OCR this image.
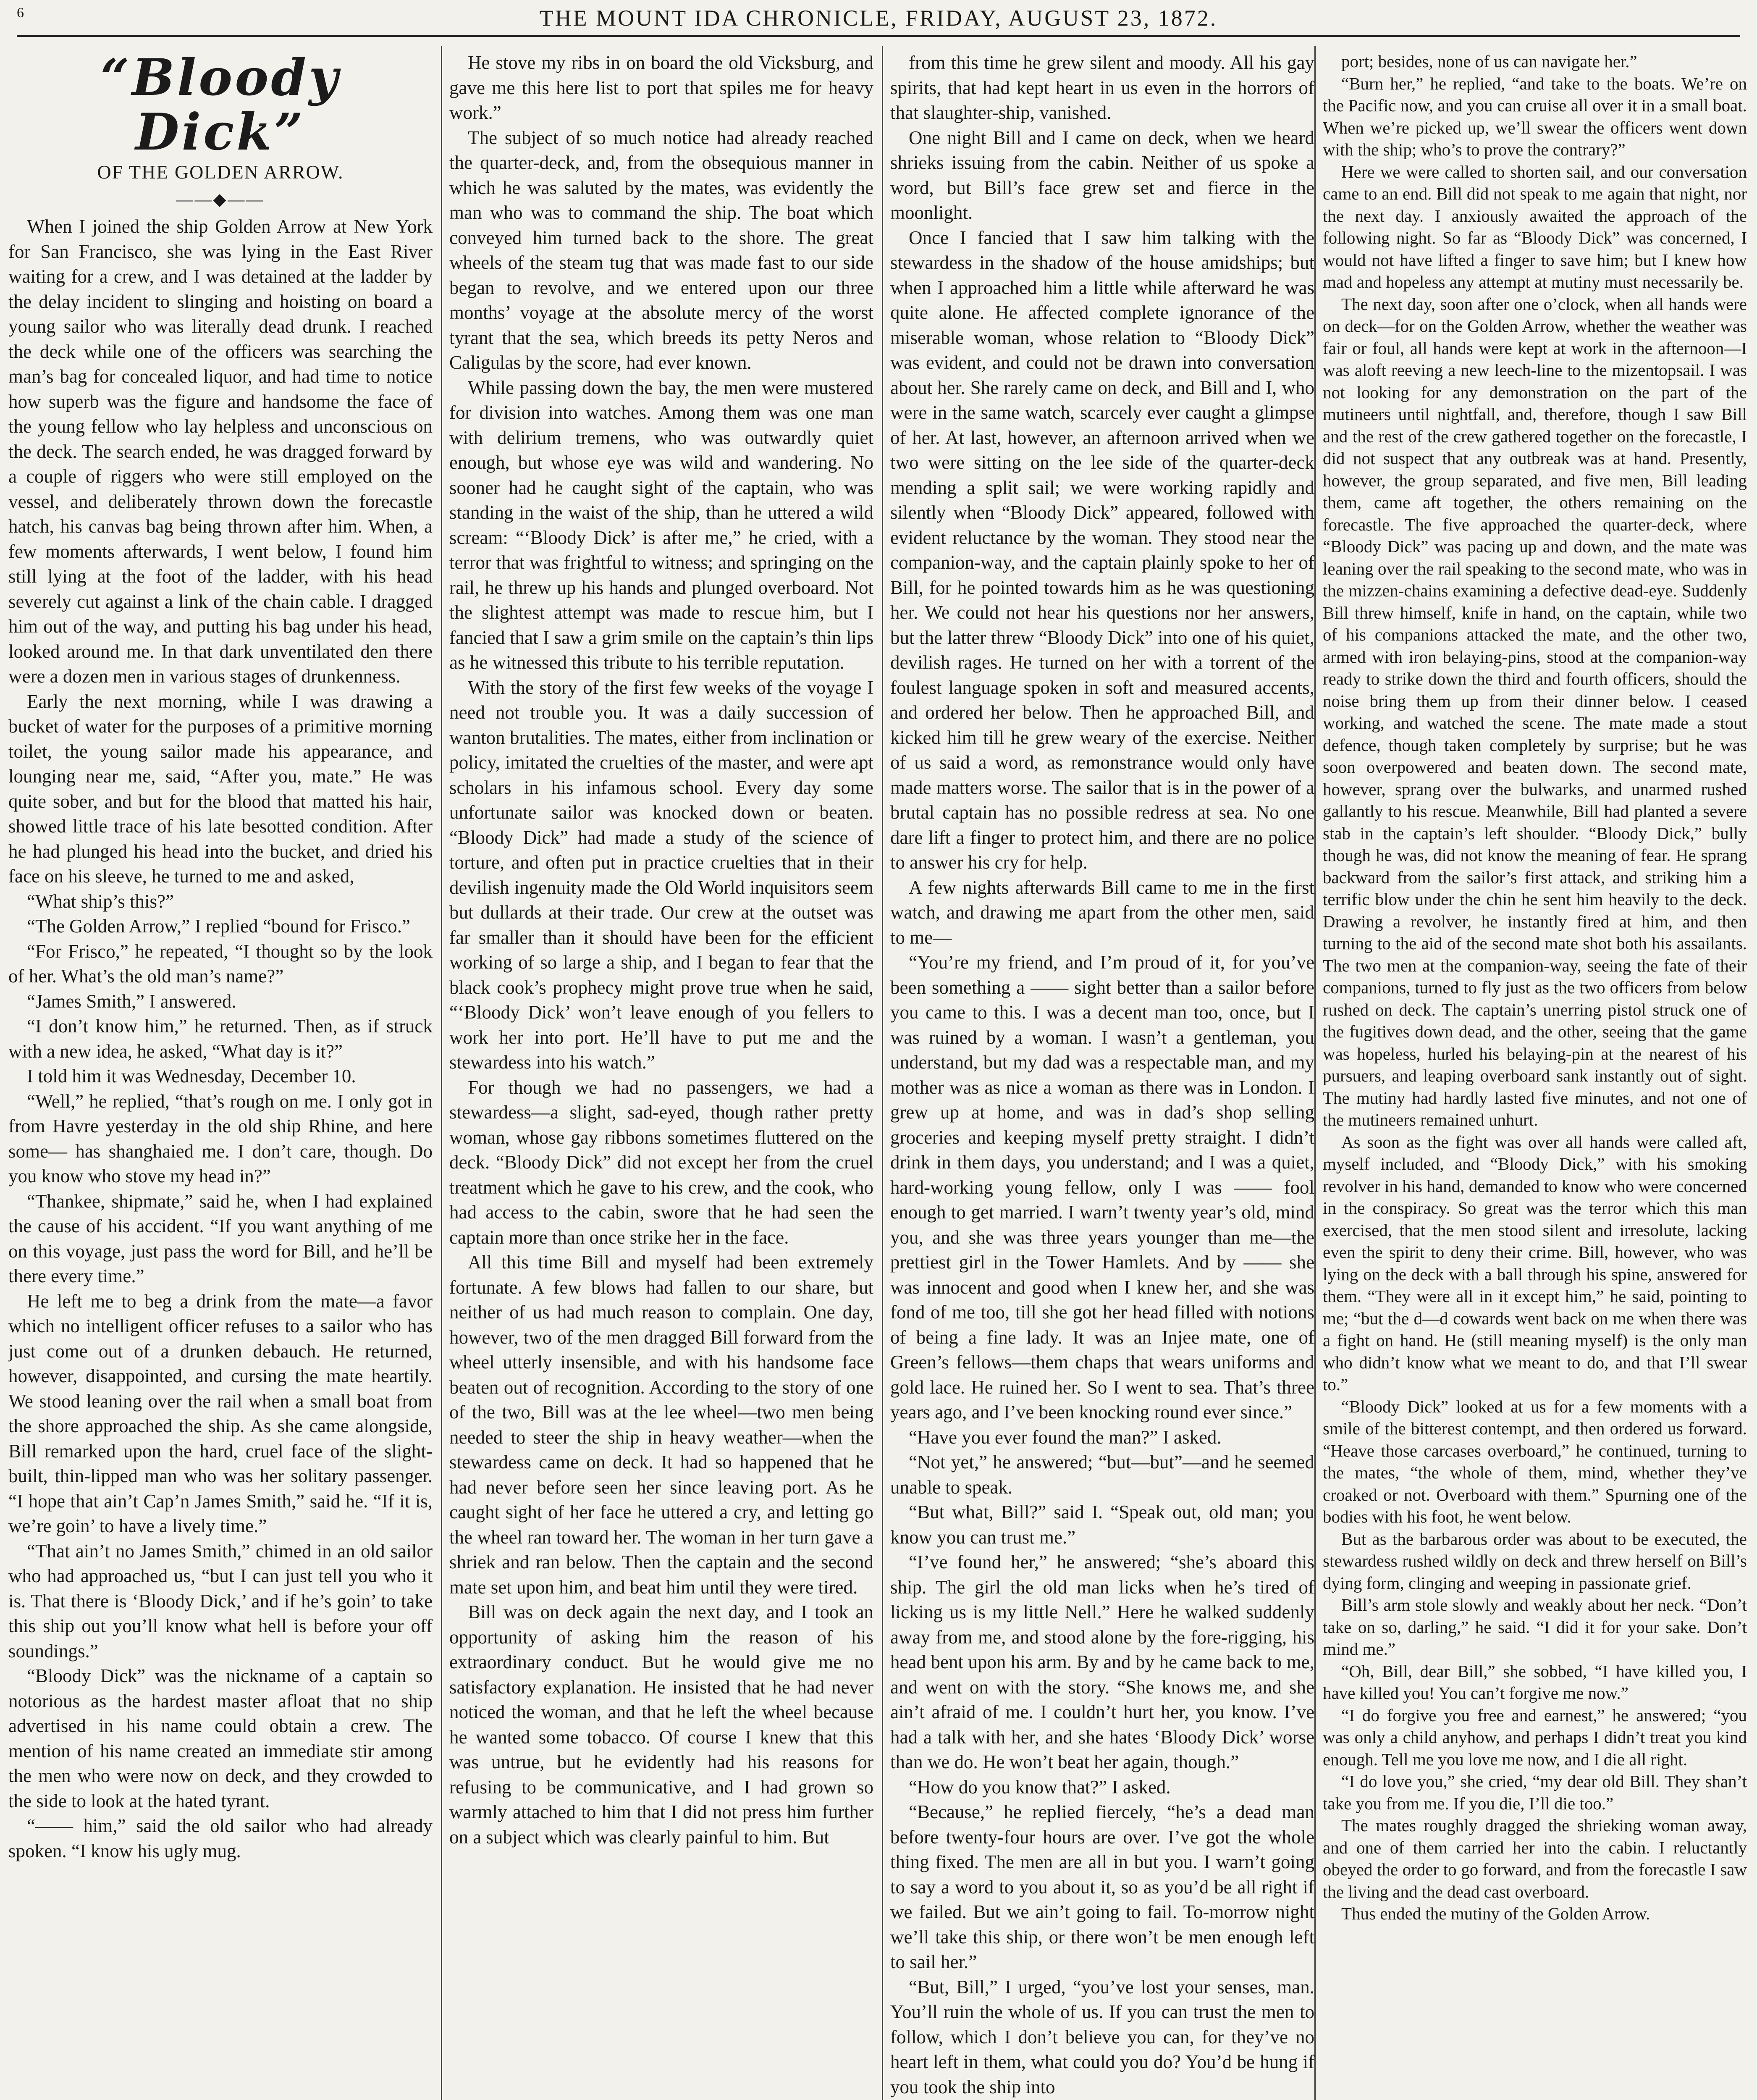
6	THE MOUNT IDA CHRONICLE, FRIDAY, AUGUST 23, 1872.
“Bloody Dick”
OF THE GOLDEN ARROW.
——◆——

When I joined the ship Golden Arrow at New York for San Francisco, she was lying in the East River waiting for a crew, and I was detained at the ladder by the delay incident to slinging and hoisting on board a young sailor who was literally dead drunk. I reached the deck while one of the officers was searching the man’s bag for concealed liquor, and had time to notice how superb was the figure and handsome the face of the young fellow who lay helpless and unconscious on the deck. The search ended, he was dragged forward by a couple of riggers who were still employed on the vessel, and deliberately thrown down the forecastle hatch, his canvas bag being thrown after him. When, a few moments afterwards, I went below, I found him still lying at the foot of the ladder, with his head severely cut against a link of the chain cable. I dragged him out of the way, and putting his bag under his head, looked around me. In that dark unventilated den there were a dozen men in various stages of drunkenness.

Early the next morning, while I was drawing a bucket of water for the purposes of a primitive morning toilet, the young sailor made his appearance, and lounging near me, said, “After you, mate.” He was quite sober, and but for the blood that matted his hair, showed little trace of his late besotted condition. After he had plunged his head into the bucket, and dried his face on his sleeve, he turned to me and asked,

“What ship’s this?”

“The Golden Arrow,” I replied “bound for Frisco.”

“For Frisco,” he repeated, “I thought so by the look of her. What’s the old man’s name?”

“James Smith,” I answered.

“I don’t know him,” he returned. Then, as if struck with a new idea, he asked, “What day is it?”

I told him it was Wednesday, December 10.

“Well,” he replied, “that’s rough on me. I only got in from Havre yesterday in the old ship Rhine, and here some— has shanghaied me. I don’t care, though. Do you know who stove my head in?”

“Thankee, shipmate,” said he, when I had explained the cause of his accident. “If you want anything of me on this voyage, just pass the word for Bill, and he’ll be there every time.”

He left me to beg a drink from the mate—a favor which no intelligent officer refuses to a sailor who has just come out of a drunken debauch. He returned, however, disappointed, and cursing the mate heartily. We stood leaning over the rail when a small boat from the shore approached the ship. As she came alongside, Bill remarked upon the hard, cruel face of the slight-built, thin-lipped man who was her solitary passenger. “I hope that ain’t Cap’n James Smith,” said he. “If it is, we’re goin’ to have a lively time.”

“That ain’t no James Smith,” chimed in an old sailor who had approached us, “but I can just tell you who it is. That there is ‘Bloody Dick,’ and if he’s goin’ to take this ship out you’ll know what hell is before your off soundings.”

“Bloody Dick” was the nickname of a captain so notorious as the hardest master afloat that no ship advertised in his name could obtain a crew. The mention of his name created an immediate stir among the men who were now on deck, and they crowded to the side to look at the hated tyrant.

“—— him,” said the old sailor who had already spoken. “I know his ugly mug.

He stove my ribs in on board the old Vicksburg, and gave me this here list to port that spiles me for heavy work.”

The subject of so much notice had already reached the quarter-deck, and, from the obsequious manner in which he was saluted by the mates, was evidently the man who was to command the ship. The boat which conveyed him turned back to the shore. The great wheels of the steam tug that was made fast to our side began to revolve, and we entered upon our three months’ voyage at the absolute mercy of the worst tyrant that the sea, which breeds its petty Neros and Caligulas by the score, had ever known.

While passing down the bay, the men were mustered for division into watches. Among them was one man with delirium tremens, who was outwardly quiet enough, but whose eye was wild and wandering. No sooner had he caught sight of the captain, who was standing in the waist of the ship, than he uttered a wild scream: “‘Bloody Dick’ is after me,” he cried, with a terror that was frightful to witness; and springing on the rail, he threw up his hands and plunged overboard. Not the slightest attempt was made to rescue him, but I fancied that I saw a grim smile on the captain’s thin lips as he witnessed this tribute to his terrible reputation.

With the story of the first few weeks of the voyage I need not trouble you. It was a daily succession of wanton brutalities. The mates, either from inclination or policy, imitated the cruelties of the master, and were apt scholars in his infamous school. Every day some unfortunate sailor was knocked down or beaten. “Bloody Dick” had made a study of the science of torture, and often put in practice cruelties that in their devilish ingenuity made the Old World inquisitors seem but dullards at their trade. Our crew at the outset was far smaller than it should have been for the efficient working of so large a ship, and I began to fear that the black cook’s prophecy might prove true when he said, “‘Bloody Dick’ won’t leave enough of you fellers to work her into port. He’ll have to put me and the stewardess into his watch.”

For though we had no passengers, we had a stewardess—a slight, sad-eyed, though rather pretty woman, whose gay ribbons sometimes fluttered on the deck. “Bloody Dick” did not except her from the cruel treatment which he gave to his crew, and the cook, who had access to the cabin, swore that he had seen the captain more than once strike her in the face.

All this time Bill and myself had been extremely fortunate. A few blows had fallen to our share, but neither of us had much reason to complain. One day, however, two of the men dragged Bill forward from the wheel utterly insensible, and with his handsome face beaten out of recognition. According to the story of one of the two, Bill was at the lee wheel—two men being needed to steer the ship in heavy weather—when the stewardess came on deck. It had so happened that he had never before seen her since leaving port. As he caught sight of her face he uttered a cry, and letting go the wheel ran toward her. The woman in her turn gave a shriek and ran below. Then the captain and the second mate set upon him, and beat him until they were tired.

Bill was on deck again the next day, and I took an opportunity of asking him the reason of his extraordinary conduct. But he would give me no satisfactory explanation. He insisted that he had never noticed the woman, and that he left the wheel because he wanted some tobacco. Of course I knew that this was untrue, but he evidently had his reasons for refusing to be communicative, and I had grown so warmly attached to him that I did not press him further on a subject which was clearly painful to him. But

from this time he grew silent and moody. All his gay spirits, that had kept heart in us even in the horrors of that slaughter-ship, vanished.

One night Bill and I came on deck, when we heard shrieks issuing from the cabin. Neither of us spoke a word, but Bill’s face grew set and fierce in the moonlight.

Once I fancied that I saw him talking with the stewardess in the shadow of the house amidships; but when I approached him a little while afterward he was quite alone. He affected complete ignorance of the miserable woman, whose relation to “Bloody Dick” was evident, and could not be drawn into conversation about her. She rarely came on deck, and Bill and I, who were in the same watch, scarcely ever caught a glimpse of her. At last, however, an afternoon arrived when we two were sitting on the lee side of the quarter-deck mending a split sail; we were working rapidly and silently when “Bloody Dick” appeared, followed with evident reluctance by the woman. They stood near the companion-way, and the captain plainly spoke to her of Bill, for he pointed towards him as he was questioning her. We could not hear his questions nor her answers, but the latter threw “Bloody Dick” into one of his quiet, devilish rages. He turned on her with a torrent of the foulest language spoken in soft and measured accents, and ordered her below. Then he approached Bill, and kicked him till he grew weary of the exercise. Neither of us said a word, as remonstrance would only have made matters worse. The sailor that is in the power of a brutal captain has no possible redress at sea. No one dare lift a finger to protect him, and there are no police to answer his cry for help.

A few nights afterwards Bill came to me in the first watch, and drawing me apart from the other men, said to me—

“You’re my friend, and I’m proud of it, for you’ve been something a —— sight better than a sailor before you came to this. I was a decent man too, once, but I was ruined by a woman. I wasn’t a gentleman, you understand, but my dad was a respectable man, and my mother was as nice a woman as there was in London. I grew up at home, and was in dad’s shop selling groceries and keeping myself pretty straight. I didn’t drink in them days, you understand; and I was a quiet, hard-working young fellow, only I was —— fool enough to get married. I warn’t twenty year’s old, mind you, and she was three years younger than me—the prettiest girl in the Tower Hamlets. And by —— she was innocent and good when I knew her, and she was fond of me too, till she got her head filled with notions of being a fine lady. It was an Injee mate, one of Green’s fellows—them chaps that wears uniforms and gold lace. He ruined her. So I went to sea. That’s three years ago, and I’ve been knocking round ever since.”

“Have you ever found the man?” I asked.

“Not yet,” he answered; “but—but”—and he seemed unable to speak.

“But what, Bill?” said I. “Speak out, old man; you know you can trust me.”

“I’ve found her,” he answered; “she’s aboard this ship. The girl the old man licks when he’s tired of licking us is my little Nell.” Here he walked suddenly away from me, and stood alone by the fore-rigging, his head bent upon his arm. By and by he came back to me, and went on with the story. “She knows me, and she ain’t afraid of me. I couldn’t hurt her, you know. I’ve had a talk with her, and she hates ‘Bloody Dick’ worse than we do. He won’t beat her again, though.”

“How do you know that?” I asked.

“Because,” he replied fiercely, “he’s a dead man before twenty-four hours are over. I’ve got the whole thing fixed. The men are all in but you. I warn’t going to say a word to you about it, so as you’d be all right if we failed. But we ain’t going to fail. To-morrow night we’ll take this ship, or there won’t be men enough left to sail her.”

“But, Bill,” I urged, “you’ve lost your senses, man. You’ll ruin the whole of us. If you can trust the men to follow, which I don’t believe you can, for they’ve no heart left in them, what could you do? You’d be hung if you took the ship into

port; besides, none of us can navigate her.”

“Burn her,” he replied, “and take to the boats. We’re on the Pacific now, and you can cruise all over it in a small boat. When we’re picked up, we’ll swear the officers went down with the ship; who’s to prove the contrary?”

Here we were called to shorten sail, and our conversation came to an end. Bill did not speak to me again that night, nor the next day. I anxiously awaited the approach of the following night. So far as “Bloody Dick” was concerned, I would not have lifted a finger to save him; but I knew how mad and hopeless any attempt at mutiny must necessarily be.

The next day, soon after one o’clock, when all hands were on deck—for on the Golden Arrow, whether the weather was fair or foul, all hands were kept at work in the afternoon—I was aloft reeving a new leech-line to the mizentopsail. I was not looking for any demonstration on the part of the mutineers until nightfall, and, therefore, though I saw Bill and the rest of the crew gathered together on the forecastle, I did not suspect that any outbreak was at hand. Presently, however, the group separated, and five men, Bill leading them, came aft together, the others remaining on the forecastle. The five approached the quarter-deck, where “Bloody Dick” was pacing up and down, and the mate was leaning over the rail speaking to the second mate, who was in the mizzen-chains examining a defective dead-eye. Suddenly Bill threw himself, knife in hand, on the captain, while two of his companions attacked the mate, and the other two, armed with iron belaying-pins, stood at the companion-way ready to strike down the third and fourth officers, should the noise bring them up from their dinner below. I ceased working, and watched the scene. The mate made a stout defence, though taken completely by surprise; but he was soon overpowered and beaten down. The second mate, however, sprang over the bulwarks, and unarmed rushed gallantly to his rescue. Meanwhile, Bill had planted a severe stab in the captain’s left shoulder. “Bloody Dick,” bully though he was, did not know the meaning of fear. He sprang backward from the sailor’s first attack, and striking him a terrific blow under the chin he sent him heavily to the deck. Drawing a revolver, he instantly fired at him, and then turning to the aid of the second mate shot both his assailants. The two men at the companion-way, seeing the fate of their companions, turned to fly just as the two officers from below rushed on deck. The captain’s unerring pistol struck one of the fugitives down dead, and the other, seeing that the game was hopeless, hurled his belaying-pin at the nearest of his pursuers, and leaping overboard sank instantly out of sight. The mutiny had hardly lasted five minutes, and not one of the mutineers remained unhurt.

As soon as the fight was over all hands were called aft, myself included, and “Bloody Dick,” with his smoking revolver in his hand, demanded to know who were concerned in the conspiracy. So great was the terror which this man exercised, that the men stood silent and irresolute, lacking even the spirit to deny their crime. Bill, however, who was lying on the deck with a ball through his spine, answered for them. “They were all in it except him,” he said, pointing to me; “but the d—d cowards went back on me when there was a fight on hand. He (still meaning myself) is the only man who didn’t know what we meant to do, and that I’ll swear to.”

“Bloody Dick” looked at us for a few moments with a smile of the bitterest contempt, and then ordered us forward. “Heave those carcases overboard,” he continued, turning to the mates, “the whole of them, mind, whether they’ve croaked or not. Overboard with them.” Spurning one of the bodies with his foot, he went below.

But as the barbarous order was about to be executed, the stewardess rushed wildly on deck and threw herself on Bill’s dying form, clinging and weeping in passionate grief.

Bill’s arm stole slowly and weakly about her neck. “Don’t take on so, darling,” he said. “I did it for your sake. Don’t mind me.”

“Oh, Bill, dear Bill,” she sobbed, “I have killed you, I have killed you! You can’t forgive me now.”

“I do forgive you free and earnest,” he answered; “you was only a child anyhow, and perhaps I didn’t treat you kind enough. Tell me you love me now, and I die all right.

“I do love you,” she cried, “my dear old Bill. They shan’t take you from me. If you die, I’ll die too.”

The mates roughly dragged the shrieking woman away, and one of them carried her into the cabin. I reluctantly obeyed the order to go forward, and from the forecastle I saw the living and the dead cast overboard.

Thus ended the mutiny of the Golden Arrow.
